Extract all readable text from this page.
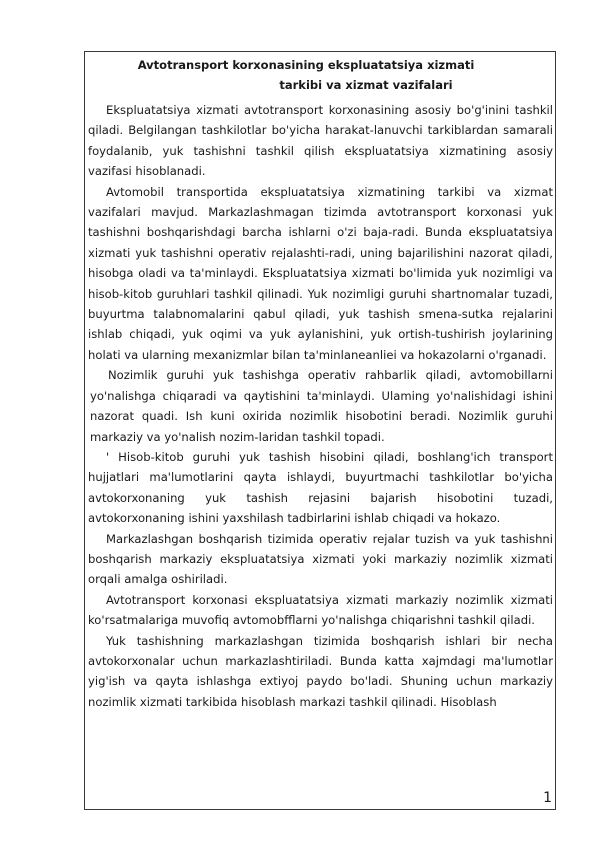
Avtotransport korxonasining ekspluatatsiya xizmati
tarkibi va xizmat vazifalari

Ekspluatatsiya xizmati avtotransport korxonasining asosiy bo'g'inini tashkil qiladi. Belgilangan tashkilotlar bo'yicha harakat-lanuvchi tarkiblardan samarali foydalanib, yuk tashishni tashkil qilish ekspluatatsiya xizmatining asosiy vazifasi hisoblanadi.

Avtomobil transportida ekspluatatsiya xizmatining tarkibi va xizmat vazifalari mavjud. Markazlashmagan tizimda avtotransport korxonasi yuk tashishni boshqarishdagi barcha ishlarni o'zi baja-radi. Bunda ekspluatatsiya xizmati yuk tashishni operativ rejalashti-radi, uning bajarilishini nazorat qiladi, hisobga oladi va ta'minlaydi. Ekspluatatsiya xizmati bo'limida yuk nozimligi va hisob-kitob guruhlari tashkil qilinadi. Yuk nozimligi guruhi shartnomalar tuzadi, buyurtma talabnomalarini qabul qiladi, yuk tashish smena-sutka rejalarini ishlab chiqadi, yuk oqimi va yuk aylanishini, yuk ortish-tushirish joylarining holati va ularning mexanizmlar bilan ta'minlaneanliei va hokazolarni o'rganadi.

Nozimlik guruhi yuk tashishga operativ rahbarlik qiladi, avtomobillarni yo'nalishga chiqaradi va qaytishini ta'minlaydi. Ulaming yo'nalishidagi ishini nazorat quadi. Ish kuni oxirida nozimlik hisobotini beradi. Nozimlik guruhi markaziy va yo'nalish nozim-laridan tashkil topadi.

' Hisob-kitob guruhi yuk tashish hisobini qiladi, boshlang'ich transport hujjatlari ma'lumotlarini qayta ishlaydi, buyurtmachi tashkilotlar bo'yicha avtokorxonaning yuk tashish rejasini bajarish hisobotini tuzadi, avtokorxonaning ishini yaxshilash tadbirlarini ishlab chiqadi va hokazo.

Markazlashgan boshqarish tizimida operativ rejalar tuzish va yuk tashishni boshqarish markaziy ekspluatatsiya xizmati yoki markaziy nozimlik xizmati orqali amalga oshiriladi.

Avtotransport korxonasi ekspluatatsiya xizmati markaziy nozimlik xizmati ko'rsatmalariga muvofiq avtomobfflarni yo'nalishga chiqarishni tashkil qiladi.

Yuk tashishning markazlashgan tizimida boshqarish ishlari bir necha avtokorxonalar uchun markazlashtiriladi. Bunda katta xajmdagi ma'lumotlar yig'ish va qayta ishlashga extiyoj paydo bo'ladi. Shuning uchun markaziy nozimlik xizmati tarkibida hisoblash markazi tashkil qilinadi. Hisoblash

1
